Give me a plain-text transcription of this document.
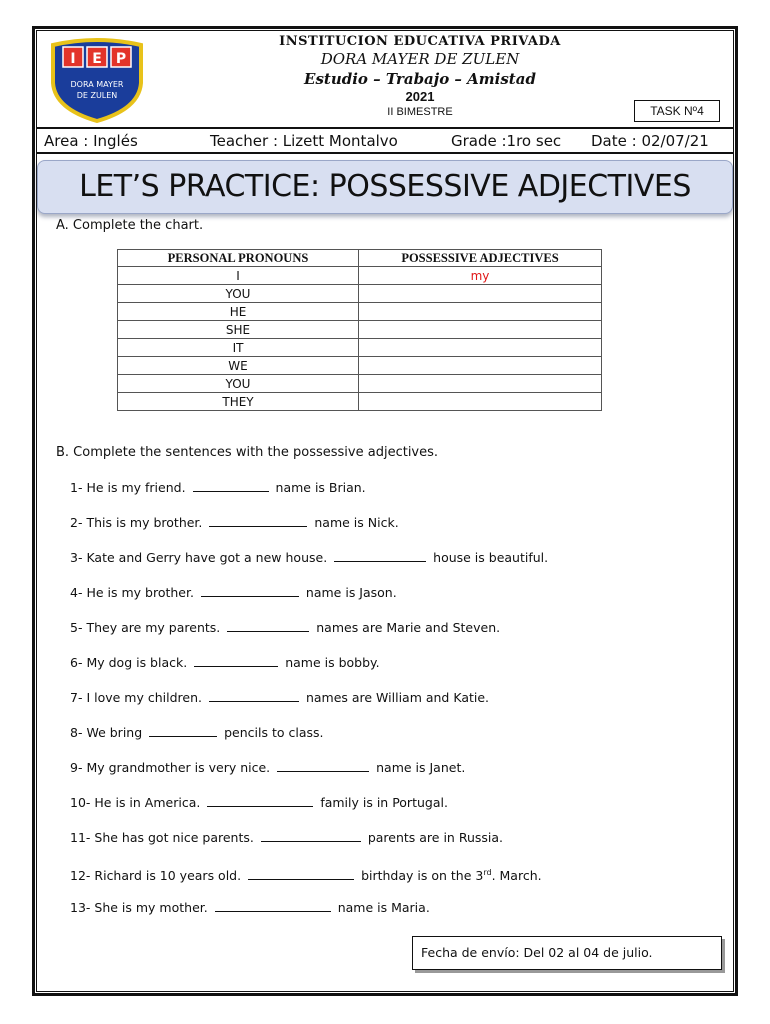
I E P
DORA MAYER
DE ZULEN
INSTITUCION EDUCATIVA PRIVADA
DORA MAYER DE ZULEN
Estudio – Trabajo – Amistad
2021
II BIMESTRE	TASK Nº4
Area : Inglés	Teacher : Lizett Montalvo	Grade :1ro sec Date : 02/07/21
LET’S PRACTICE: POSSESSIVE ADJECTIVES
A. Complete the chart.
PERSONAL PRONOUNS	POSSESSIVE ADJECTIVES
I	my
YOU	
HE	
SHE	
IT	
WE	
YOU	
THEY	
B. Complete the sentences with the possessive adjectives.
1- He is my friend.	name is Brian.
2- This is my brother.	name is Nick.
3- Kate and Gerry have got a new house.	house is beautiful.
4- He is my brother.	name is Jason.
5- They are my parents.	names are Marie and Steven.
6- My dog is black.	name is bobby.
7- I love my children.	names are William and Katie.
8- We bring	pencils to class.
9- My grandmother is very nice.	name is Janet.
10- He is in America.	family is in Portugal.
11- She has got nice parents.	parents are in Russia.
12- Richard is 10 years old.	birthday is on the 3rd. March.
13- She is my mother.	name is Maria.
Fecha de envío: Del 02 al 04 de julio.
